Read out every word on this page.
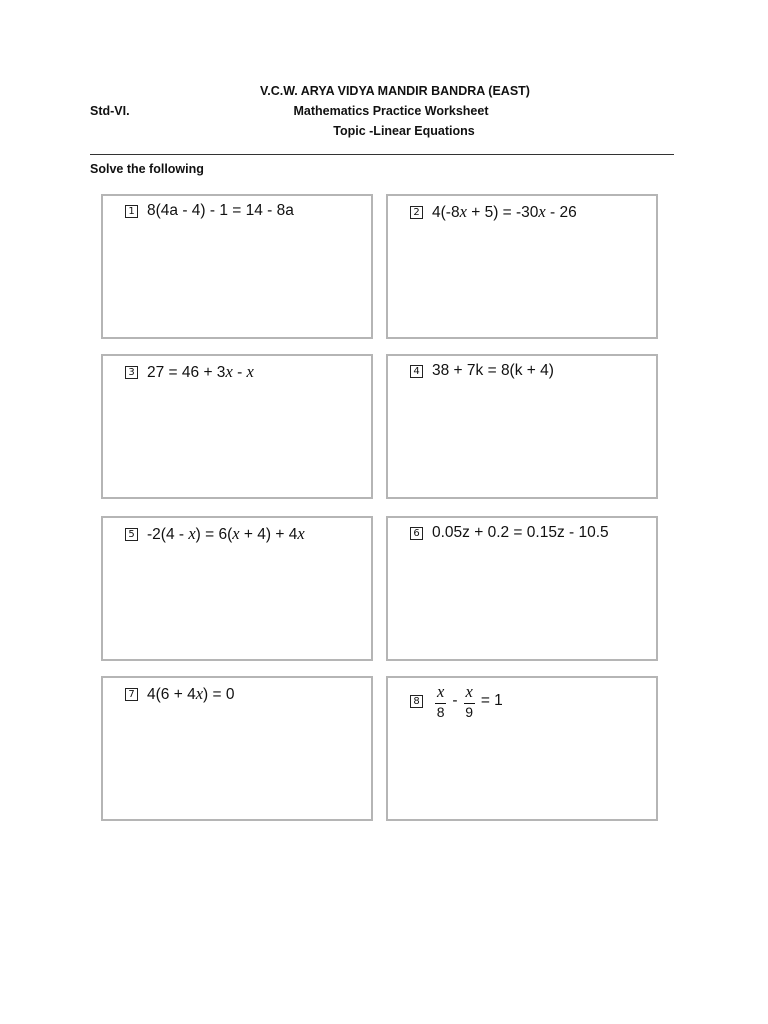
V.C.W. ARYA VIDYA MANDIR BANDRA (EAST)
Std-VI.	Mathematics Practice Worksheet
Topic -Linear Equations
Solve the following
1 8(4a - 4) - 1 = 14 - 8a	2 4(-8x + 5) = -30x - 26
3 27 = 46 + 3x - x	4 38 + 7k = 8(k + 4)
5 -2(4 - x) = 6(x + 4) + 4x	6 0.05z + 0.2 = 0.15z - 10.5
7 4(6 + 4x) = 0	$8 \frac{x}{8} - \frac{x}{9} = 1$
